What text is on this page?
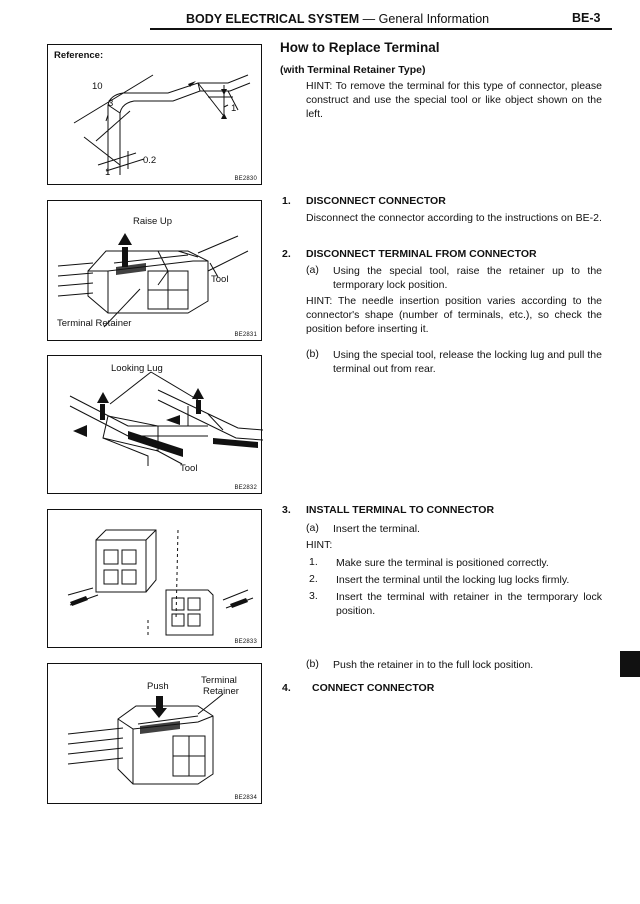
BODY ELECTRICAL SYSTEM — General Information	BE-3
Reference:
10
3	1
0.2
1
BE2830
Raise Up
Tool
Terminal Retainer
BE2831
Looking Lug
Tool
BE2832
BE2833
Push
Terminal
Retainer
BE2834
How to Replace Terminal
(with Terminal Retainer Type)
HINT: To remove the terminal for this type of connector, please construct and use the special tool or like object shown on the left.
1. DISCONNECT CONNECTOR
Disconnect the connector according to the instructions on BE-2.
2. DISCONNECT TERMINAL FROM CONNECTOR
(a) Using the special tool, raise the retainer up to the termporary lock position.
HINT: The needle insertion position varies according to the connector's shape (number of terminals, etc.), so check the position before inserting it.
(b) Using the special tool, release the locking lug and pull the terminal out from rear.
3. INSTALL TERMINAL TO CONNECTOR
(a) Insert the terminal.
HINT:
1. Make sure the terminal is positioned correctly.
2. Insert the terminal until the locking lug locks firmly.
3. Insert the terminal with retainer in the termporary lock position.
(b) Push the retainer in to the full lock position.
4. CONNECT CONNECTOR
